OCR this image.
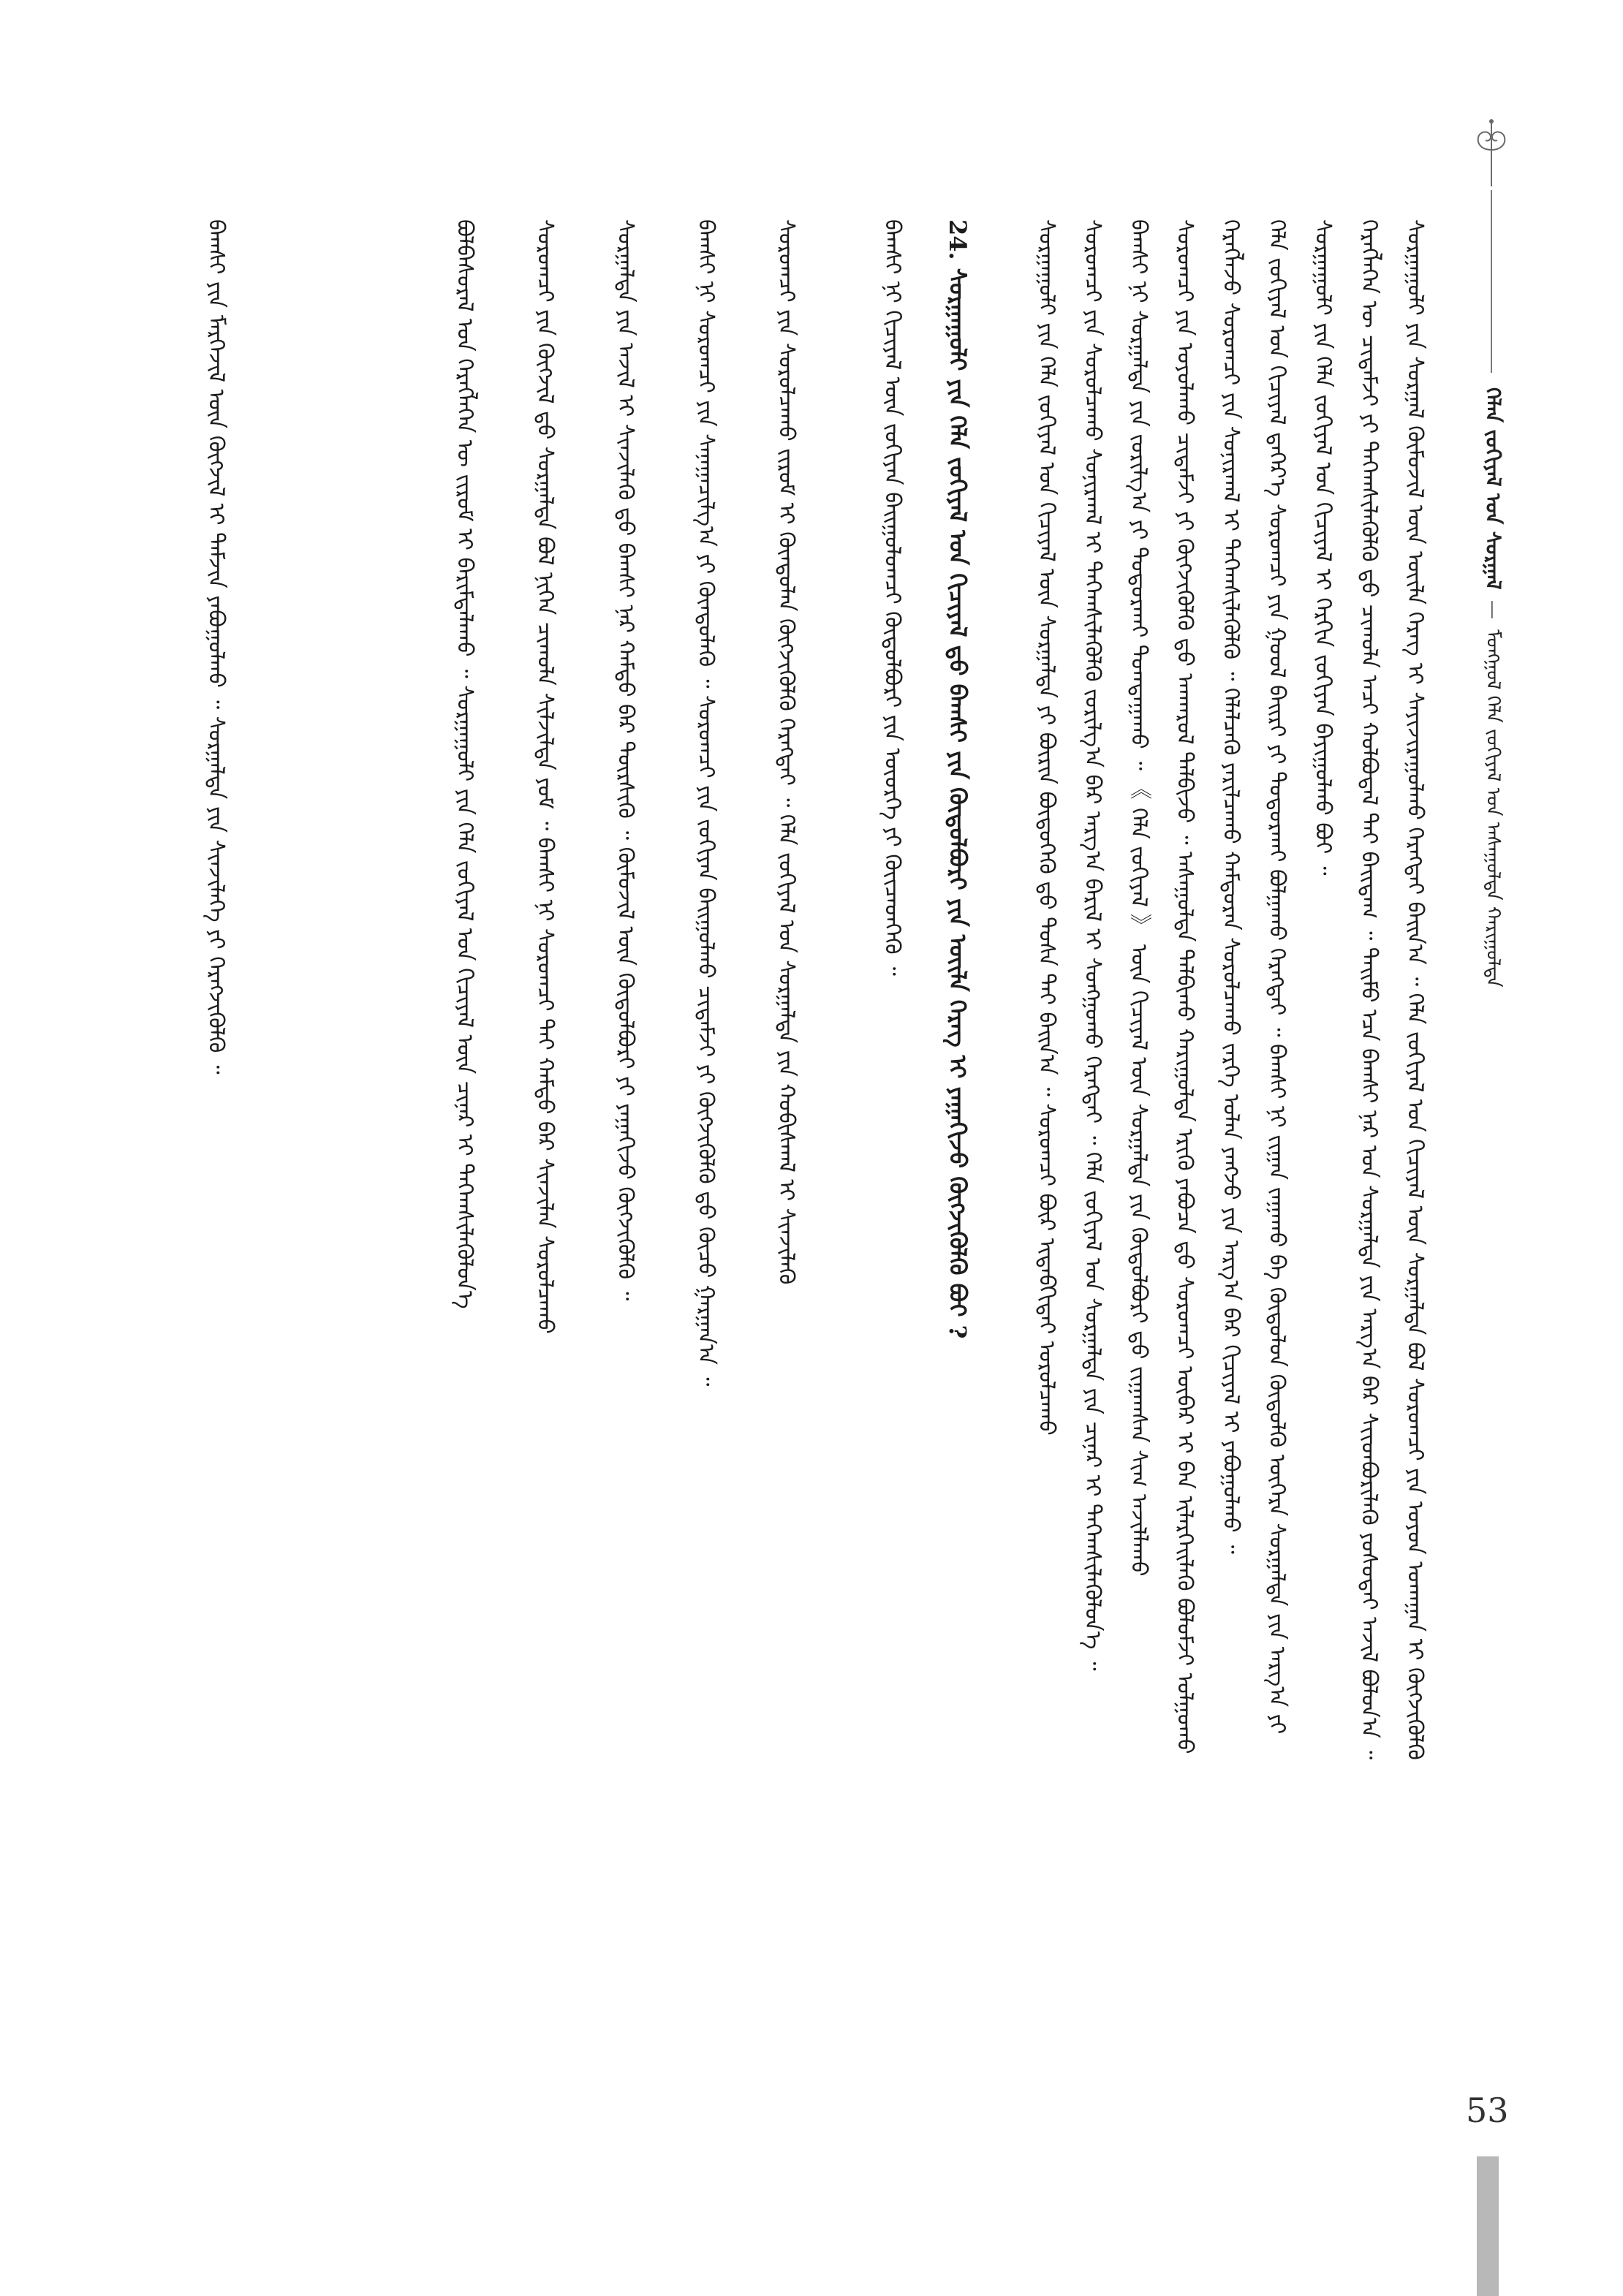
ᠬᠡᠯᠡᠨ ᠵᠣᠬᠢᠶᠠᠯ ᠤᠨ ᠰᠤᠷᠭᠠᠯ — ᠮᠣᠩᠭᠣᠯ ᠬᠡᠯᠡ ᠵᠣᠬᠢᠶᠠᠯ ᠤᠨ ᠠᠰᠠᠭᠤᠯᠲᠠ ᠬᠠᠷᠢᠭᠤᠯᠲᠠ
ᠰᠤᠷᠭᠠᠭᠤᠯᠢ ᠶᠢᠨ ᠰᠤᠷᠭᠠᠯ ᠬᠦᠮᠦᠵᠢᠯ ᠦᠨ ᠦᠢᠯᠡ ᠬᠡᠷᠡᠭ ᠢ ᠰᠠᠶᠢᠵᠢᠷᠠᠭᠤᠯᠬᠤ ᠬᠡᠷᠡᠭᠲᠡᠢ ᠪᠠᠢᠨ᠎ᠠ ᠃ ᠬᠡᠯᠡ ᠵᠣᠬᠢᠶᠠᠯ ᠤᠨ ᠬᠢᠴᠢᠶᠡᠯ ᠦᠨ ᠰᠤᠷᠭᠠᠯᠲᠠ ᠪᠣᠯ ᠰᠤᠷᠤᠭᠴᠢ ᠶᠢᠨ ᠣᠶᠤᠨ ᠤᠬᠠᠭᠠᠨ ᠢ ᠬᠥᠭᠵᠢᠭᠦᠯᠬᠦ
ᠬᠡᠷᠡᠭᠯᠡᠭᠡᠨ ᠦ ᠴᠢᠳᠠᠮᠵᠢ ᠶᠢ ᠳᠡᠭᠡᠭ᠍ᠰᠢᠯᠡᠭᠦᠯᠬᠦ ᠳ᠋ᠤ ᠴᠢᠬᠤᠯᠠ ᠠᠴᠢ ᠬᠣᠯᠪᠣᠳᠠᠯ ᠲᠠᠢ ᠪᠠᠢᠳᠠᠭ ᠃ ᠲᠡᠢᠮᠦ ᠡᠴᠡ ᠪᠠᠭᠰᠢ ᠨᠠᠷ ᠤᠨ ᠰᠤᠷᠭᠠᠯᠲᠠ ᠶᠢᠨ ᠠᠷᠭ᠎ᠠ ᠪᠠᠷ ᠰᠢᠢᠳᠪᠦᠷᠢᠯᠡᠬᠦ ᠶᠣᠰᠣᠲᠠᠢ ᠠᠵᠢᠯ ᠪᠣᠯᠤᠨ᠎ᠠ ᠃
ᠰᠤᠷᠭᠠᠭᠤᠯᠢ ᠶᠢᠨ ᠬᠡᠯᠡ ᠵᠣᠬᠢᠶᠠᠯ ᠤᠨ ᠬᠢᠴᠢᠶᠡᠯ ᠢ ᠬᠡᠷᠬᠢᠨ ᠵᠣᠬᠢᠶᠠᠨ ᠪᠠᠶᠢᠭᠤᠯᠬᠤ ᠪᠤᠢ ᠃
ᠬᠡᠯᠡ ᠵᠣᠬᠢᠶᠠᠯ ᠤᠨ ᠬᠢᠴᠢᠶᠡᠯ ᠳ᠋ᠡᠭᠡᠷ᠎ᠡ ᠰᠤᠷᠤᠭᠴᠢ ᠶᠢᠨ ᠭᠣᠣᠯ ᠪᠠᠢᠷᠢ ᠶᠢ ᠲᠣᠳᠣᠷᠬᠠᠢ ᠪᠣᠯᠭᠠᠬᠤ ᠬᠡᠷᠡᠭᠲᠡᠢ ᠃ ᠪᠠᠭᠰᠢ ᠨᠢ ᠵᠢᠭᠠᠨ ᠵᠠᠭᠠᠬᠤ ᠪᠠ ᠬᠥᠲᠦᠯᠦᠨ ᠬᠥᠲᠥᠯᠬᠦ ᠥᠭᠡᠷᠡ ᠰᠤᠷᠭᠠᠯᠲᠠ ᠶᠢᠨ ᠠᠷᠭ᠎ᠠ ᠶᠢ
ᠬᠡᠷᠡᠭᠯᠡᠵᠦ ᠰᠤᠷᠤᠭᠴᠢ ᠶᠢᠨ ᠰᠣᠨᠢᠷᠬᠠᠯ ᠢ ᠳᠡᠭᠡᠭ᠍ᠰᠢᠯᠡᠭᠦᠯᠬᠦ ᠃ ᠬᠡᠯᠡᠯᠴᠡᠬᠦ ᠶᠠᠷᠢᠯᠴᠠᠬᠤ ᠬᠠᠮᠲᠤᠷᠠᠨ ᠰᠤᠷᠤᠯᠴᠠᠬᠤ ᠵᠡᠷᠭᠡ ᠣᠯᠠᠨ ᠶᠠᠩᠵᠤ ᠶᠢᠨ ᠠᠷᠭ᠎ᠠ ᠪᠠᠷ ᠬᠢᠴᠢᠶᠡᠯ ᠢ ᠶᠠᠪᠤᠭᠤᠯᠬᠤ ᠃
ᠰᠤᠷᠤᠭᠴᠢ ᠶᠢᠨ ᠣᠶᠤᠯᠠᠬᠤ ᠴᠢᠳᠠᠮᠵᠢ ᠶᠢ ᠬᠥᠭᠵᠢᠭᠦᠯᠬᠦ ᠳ᠋ᠤ ᠠᠨᠬᠠᠷᠤᠯ ᠲᠠᠯᠪᠢᠵᠤ ᠃ ᠠᠰᠠᠭᠤᠯᠲᠠ ᠲᠠᠯᠪᠢᠬᠤ ᠬᠠᠷᠢᠭᠤᠯᠲᠠ ᠡᠷᠢᠬᠦ ᠶᠠᠪᠤᠴᠠ ᠳ᠋ᠤ ᠰᠤᠷᠤᠭᠴᠢ ᠥᠪᠡᠷ ᠢ ᠪᠡᠨ ᠢᠯᠡᠷᠬᠡᠢᠯᠡᠬᠦ ᠪᠣᠯᠤᠮᠵᠢ ᠣᠯᠭᠣᠬᠤ
ᠪᠠᠭᠰᠢ ᠨᠢ ᠰᠤᠷᠭᠠᠯᠲᠠ ᠶᠢᠨ ᠵᠣᠷᠢᠯᠭ᠎ᠠ ᠶᠢ ᠲᠣᠳᠣᠷᠬᠠᠢ ᠲᠣᠭᠲᠠᠭᠠᠬᠤ ᠃ 《 ᠬᠡᠯᠡ ᠵᠣᠬᠢᠶᠠᠯ 》 ᠦᠨ ᠬᠢᠴᠢᠶᠡᠯ ᠦᠨ ᠰᠤᠷᠭᠠᠯᠲᠠ ᠶᠢᠨ ᠬᠥᠲᠦᠯᠪᠦᠷᠢ ᠳ᠋ᠤ ᠵᠢᠭᠠᠭᠰᠠᠨ ᠰᠢᠭ᠋ ᠠᠵᠢᠯᠯᠠᠬᠤ
ᠰᠤᠷᠤᠭᠴᠢ ᠶᠢᠨ ᠰᠤᠷᠤᠯᠴᠠᠬᠤ ᠰᠣᠨᠢᠷᠬᠠᠯ ᠢ ᠳᠡᠭᠡᠭ᠍ᠰᠢᠯᠡᠭᠦᠯᠬᠦ ᠵᠣᠷᠢᠯᠭ᠎ᠠ ᠪᠠᠷ ᠠᠷᠭ᠎ᠠ ᠪᠠᠷᠢᠯ ᠢ ᠰᠣᠩᠭᠣᠬᠤ ᠬᠡᠷᠡᠭᠲᠡᠢ ᠃ ᠬᠡᠯᠡ ᠵᠣᠬᠢᠶᠠᠯ ᠤᠨ ᠰᠤᠷᠭᠠᠯᠲᠠ ᠶᠢᠨ ᠴᠢᠨᠠᠷ ᠢ ᠳᠡᠭᠡᠭ᠍ᠰᠢᠯᠡᠭᠦᠯᠦᠨ᠎ᠡ ᠃
ᠰᠤᠷᠭᠠᠭᠤᠯᠢ ᠶᠢᠨ ᠬᠡᠯᠡ ᠵᠣᠬᠢᠶᠠᠯ ᠤᠨ ᠬᠢᠴᠢᠶᠡᠯ ᠦᠨ ᠰᠤᠷᠭᠠᠯᠲᠠ ᠶᠢ ᠪᠦᠷᠢᠨ ᠪᠦᠲᠦᠭᠡᠬᠦ ᠳ᠋ᠤ ᠲᠤᠰᠠ ᠲᠠᠢ ᠪᠠᠢᠨ᠎ᠠ ᠃ ᠰᠤᠷᠤᠭᠴᠢ ᠪᠦᠷ ᠢᠳᠡᠪᠬᠢᠲᠡᠢ ᠣᠷᠣᠯᠴᠠᠬᠤ
24. ᠰᠤᠷᠭᠠᠭᠤᠯᠢ ᠶᠢᠨ ᠬᠡᠯᠡ ᠵᠣᠬᠢᠶᠠᠯ ᠤᠨ ᠬᠢᠴᠢᠶᠡᠯ ᠳ᠋ᠤ ᠪᠠᠭᠰᠢ ᠶᠢᠨ ᠬᠥᠲᠦᠯᠪᠦᠷᠢ ᠶᠢᠨ ᠦᠢᠯᠡ ᠬᠡᠷᠡᠭ ᠢ ᠶᠠᠭᠠᠬᠢᠵᠤ ᠬᠥᠭᠵᠢᠭᠦᠯᠬᠦ ᠪᠤᠢ ?
ᠪᠠᠭᠰᠢ ᠨᠢ ᠬᠢᠴᠢᠶᠡᠯ ᠦᠨ ᠵᠣᠬᠢᠶᠠᠨ ᠪᠠᠢᠭᠤᠯᠤᠭᠴᠢ ᠬᠥᠲᠦᠯᠪᠦᠷᠢ ᠶᠢᠨ ᠦᠦᠷᠭᠡ ᠶᠢ ᠭᠦᠢᠴᠡᠳᠬᠡᠬᠦ ᠃
ᠰᠤᠷᠤᠭᠴᠢ ᠶᠢᠨ ᠰᠤᠷᠤᠯᠴᠠᠬᠤ ᠵᠢᠷᠤᠮ ᠢ ᠬᠦᠨᠳᠦᠯᠡᠨ ᠬᠦᠭᠵᠢᠭᠦᠯᠬᠦ ᠬᠡᠷᠡᠭᠲᠡᠢ ᠃ ᠬᠡᠯᠡ ᠵᠣᠬᠢᠶᠠᠯ ᠤᠨ ᠰᠤᠷᠭᠠᠯᠲᠠ ᠶᠢᠨ ᠬᠤᠪᠢᠰᠬᠠᠯ ᠢ ᠰᠢᠨᠵᠢᠯᠡᠬᠦ
ᠪᠠᠭᠰᠢ ᠨᠢ ᠰᠤᠷᠤᠭᠴᠢ ᠶᠢᠨ ᠰᠠᠨᠠᠭᠠᠴᠢᠯᠭ᠎ᠠ ᠶᠢ ᠬᠦᠨᠳᠦᠯᠡᠬᠦ ᠃ ᠰᠤᠷᠤᠭᠴᠢ ᠶᠢᠨ ᠵᠣᠬᠢᠶᠠᠨ ᠪᠠᠢᠭᠤᠯᠬᠤ ᠴᠢᠳᠠᠮᠵᠢ ᠶᠢ ᠬᠥᠭᠵᠢᠭᠦᠯᠬᠦ ᠳ᠋ᠤ ᠬᠦᠴᠦ ᠭᠠᠷᠭᠠᠨ᠎ᠠ ᠃
ᠰᠤᠷᠭᠠᠯᠲᠠ ᠶᠢᠨ ᠠᠵᠢᠯ ᠢ ᠰᠢᠨᠵᠢᠯᠡᠬᠦ ᠳ᠋ᠤ ᠪᠠᠭᠰᠢ ᠨᠠᠷ ᠬᠠᠮᠲᠤ ᠪᠡᠷ ᠲᠦᠷᠰᠢᠬᠦ ᠃ ᠬᠦᠮᠦᠵᠢᠯ ᠦᠨ ᠬᠥᠲᠦᠯᠪᠦᠷᠢ ᠶᠢ ᠶᠠᠭᠠᠬᠢᠵᠤ ᠬᠥᠭᠵᠢᠭᠦᠯᠬᠦ ᠃
ᠰᠤᠷᠤᠭᠴᠢ ᠶᠢᠨ ᠬᠥᠭᠵᠢᠯ ᠳ᠋ᠤ ᠰᠤᠷᠭᠠᠯᠲᠠ ᠪᠣᠯ ᠨᠢᠭᠡᠨ ᠴᠢᠬᠤᠯᠠ ᠰᠢᠯᠵᠢᠯᠲᠡ ᠶᠤᠮ ᠃ ᠪᠠᠭᠰᠢ ᠨᠢ ᠰᠤᠷᠤᠭᠴᠢ ᠲᠠᠢ ᠬᠠᠮᠲᠤ ᠪᠡᠷ ᠰᠢᠨᠵᠢᠯᠡᠨ ᠰᠤᠷᠤᠯᠴᠠᠬᠤ
ᠪᠣᠯᠪᠠᠰᠤᠷᠠᠯ ᠤᠨ ᠬᠡᠷᠡᠭᠯᠡᠭᠡᠨ ᠦ ᠵᠢᠷᠤᠮ ᠢ ᠪᠠᠷᠢᠮᠲᠠᠯᠠᠬᠤ ᠃ ᠰᠤᠷᠭᠠᠭᠤᠯᠢ ᠶᠢᠨ ᠬᠡᠯᠡ ᠵᠣᠬᠢᠶᠠᠯ ᠤᠨ ᠬᠢᠴᠢᠶᠡᠯ ᠦᠨ ᠴᠢᠨᠠᠷ ᠢ ᠳᠡᠭᠡᠭ᠍ᠰᠢᠯᠡᠭᠦᠯᠦᠨ᠎ᠡ
ᠪᠠᠭᠰᠢ ᠶᠢᠨ ᠮᠡᠷᠭᠡᠵᠢᠯ ᠦᠨ ᠬᠥᠭᠵᠢᠯ ᠢ ᠳᠡᠮᠵᠢᠨ ᠶᠠᠪᠤᠭᠤᠯᠬᠤ ᠃ ᠰᠤᠷᠭᠠᠯᠲᠠ ᠶᠢᠨ ᠰᠢᠨᠵᠢᠯᠡᠭᠡ ᠶᠢ ᠬᠡᠷᠡᠭᠵᠢᠭᠦᠯᠬᠦ ᠃
53
